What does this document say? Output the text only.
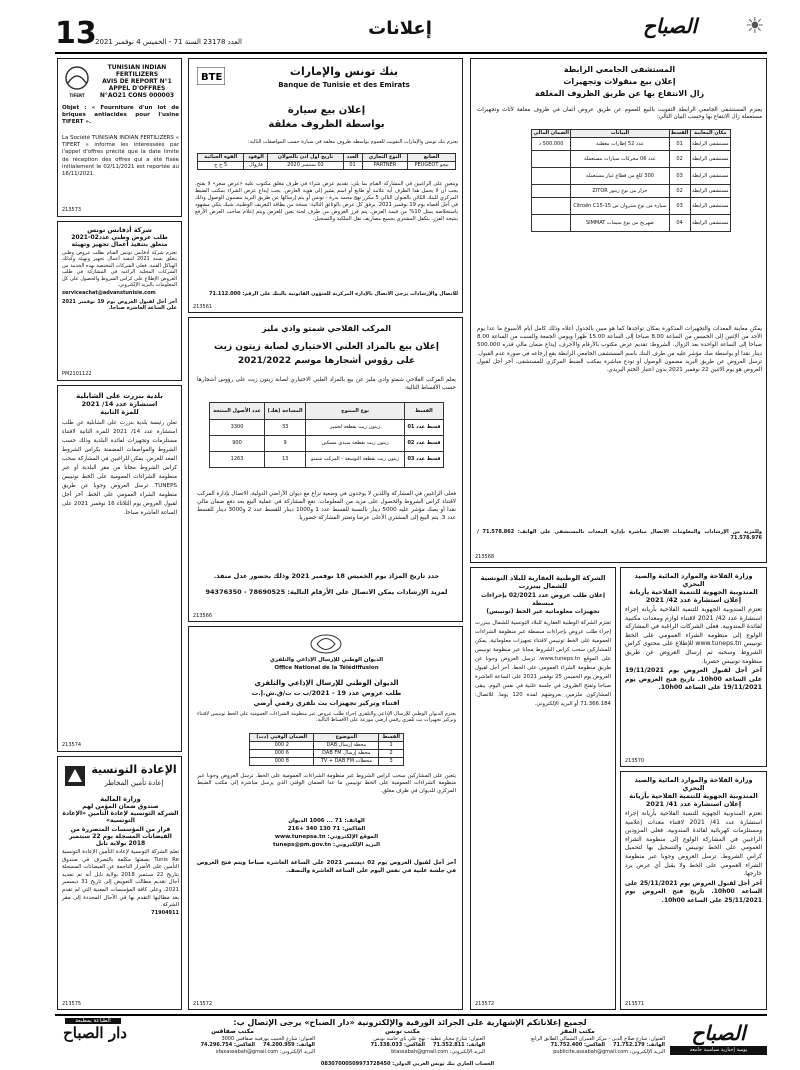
13
العدد 23178 السنة 71 - الخميس 4 نوفمبر 2021
إعلانات	الصباح	☀
TIFERT
TUNISIAN INDIAN
FERTILIZERS
AVIS DE REPORT N°1
APPEL D'OFFRES
N°AO21 CONS 000003
Objet : « Fourniture d'un lot de briques antiacides pour l'usine TIFERT ».
La Société TUNISIAN INDIAN FERTILIZERS « TIFERT » informe les intéressées par l'appel d'offres précité que la date limite de réception des offres qui a été fixée initialement le 02/11/2021 est reportée au 16/11/2021.
213573
شركة أدفانس تونس
طلب عروض وطني عدد02-2021
متعلق بتنفيذ أعمال تجهيز وتهيئة
تعتزم شركة أدفانس تونس القيام بطلب عروض وطني يتعلق بسنة 2021 لتنفيذ أعمال تجهيز وتهيئة وكذلك الهياكل الفنية. فعلى الشركات المختصة بهذه الخدمة من الشركات المحلية الراغبة في المشاركة في طلب العروض الإطلاع على كراس الشروط والحصول على كل المعلومات بالبريد الإلكتروني.
serviceachat@advanstunisie.com
آخر أجل لقبول العروض يوم 19 نوفمبر 2021 على الساعة العاشرة صباحا.
PM2101122
بلدية بنزرت على الشابلية
استشارة عدد 14/ 2021
للمرة الثانية
تعلن رئيسة بلدية بنزرت على الشابلية عن طلب استشارة عدد 14/ 2021 للمرة الثانية لاقتناء مستلزمات وتجهيزات لفائدة البلدية وذلك حسب الشروط والمواصفات المضمنة بكراس الشروط المعد للغرض. يمكن للراغبين في المشاركة سحب كراس الشروط مجانا من مقر البلدية أو عبر منظومة الشراءات العمومية على الخط تونيبس TUNEPS. ترسل العروض وجوبا عن طريق منظومة الشراء العمومي على الخط. آخر أجل لقبول العروض يوم الثلاثاء 16 نوفمبر 2021 على الساعة العاشرة صباحا.
213574
الإعادة التونسية
إعادة تأمين المخاطر
وزارة المالية
صندوق ضمان المؤمن لهم
الشركة التونسية لإعادة التأمين «الإعادة التونسية»
قرار من المؤسسات المتضررة من الفيضانات المسجلة يوم 22 سبتمبر 2018 بولاية نابل
تعلم الشركة التونسية لإعادة التأمين الإعادة التونسية Tunis Re بصفتها مكلفة بالتصرف في صندوق التأمين على الأضرار الناجمة عن الفيضانات المسجلة بتاريخ 22 سبتمبر 2018 بولاية نابل أنه تم تمديد آجال تقديم مطالب التعويض إلى تاريخ 31 ديسمبر 2021. وعلى كافة المؤسسات المعنية التي لم تقدم بعد مطالبها التقدم بها في الآجال المحددة إلى مقر الشركة.
71904911
213575
BTE	بنك تونس والإمارات
Banque de Tunisie et des Emirats
إعلان بيع سيارة
بواسطة الظروف مغلقة
يعتزم بنك تونس والإمارات التفويت للعموم بواسطة ظروف مغلقة في سيارة حسب المواصفات التالية:
الصانع	النوع التجاري	العدد	تاريخ أول أذن بالجولان	الوقود	القوة الجبائية
بيجو PEUGEOT	PARTNER	01	02 سبتمبر 2020	قازوال	5 خ ج
ويتعين على الراغبين في المشاركة القيام بما يلي: تقديم عرض شراء في ظرف مغلق مكتوب عليه «عرض سعر» لا يفتح. يجب أن لا يحمل هذا الظرف أية علامة أو طابع أو اسم يشير إلى هوية العارض. يجب إيداع عرض الشراء بمكتب الضبط المركزي للبنك الكائن بالعنوان التالي 5 مكرر نهج محمد بدرة - تونس أو يتم إرسالها عن طريق البريد مضمون الوصول وذلك في أجل أقصاه يوم 19 نوفمبر 2021. يرفق كل عرض بالوثائق التالية: نسخة من بطاقة التعريف الوطنية، شيك بنكي مشهود باستخلاصه يمثل 10% من قيمة العرض. يتم فرز العروض من طرف لجنة تعين للغرض ويتم إعلام صاحب العرض الأرفع بنتيجة الفرز. يتكفل المشتري بجميع مصاريف نقل الملكية والتسجيل.
للاتصال والإرشادات يرجى الاتصال بالإدارة المركزية للشؤون القانونية بالبنك على الرقم: 71.112.000
213561
المركب الفلاحي شمتو وادي مليز
إعلان بيع بالمزاد العلني الاختياري لصابة زيتون زيت
على رؤوس أشجارها موسم 2021/2022
يعلم المركب الفلاحي شمتو وادي مليز عن بيع بالمزاد العلني الاختياري لصابة زيتون زيت على رؤوس أشجارها حسب الأقساط التالية:
القسط	نوع المنتوج	المساحة (هك)	عدد الأصول المنتجة
قسط عدد 01	زيتون زيت بقطعة لخمير	33	3300
قسط عدد 02	زيتون زيت بقطعة سيدي مسكين	9	900
قسط عدد 03	زيتون زيت بقطعة التوسعة - المركب شمتو	13	1263
فعلى الراغبين في المشاركة واللذين لا يوجدون في وضعية نزاع مع ديوان الأراضي الدولية، الاتصال بإدارة المركب لاقتناء كراس الشروط والحصول على مزيد من المعلومات. تقع المشاركة في عملية البيع بعد دفع ضمان مالي نقدا أو بصك مؤشر عليه 5000 دينار بالنسبة للقسط عدد 1 و1000 دينار للقسط عدد 2 و3000 دينار للقسط عدد 3. يتم البيع إلى المشتري الأعلى عرضا وتعتبر المشاركة حضوريا.
حدد تاريخ المزاد يوم الخميس 18 نوفمبر 2021 وذلك بحضور عدل منفذ.
لمزيد الإرشادات يمكن الاتصال على الأرقام التالية: 78690525 - 94376350
213566
الديوان الوطني للإرسال الإذاعي والتلفزي
Office National de la Télédiffusion
الديوان الوطني للإرسال الإذاعي والتلفزي
طلب عروض عدد 19 - 2021/ب ت ت/ق.ش.إ.ت
اقتناء وتركيز تجهيزات بث تلفزي رقمي أرضي
يعتزم الديوان الوطني للإرسال الإذاعي والتلفزي إجراء طلب عروض عبر منظومة الشراءات العمومية على الخط تونيبس لاقتناء وتركيز تجهيزات بث تلفزي رقمي أرضي موزعة على الأقساط التالية:
القسط	الموضوع	الضمان الوقتي (دت)
1	محطة إرسال DAB	2 000
2	محطة إرسال DAB FM	6 000
3	محطات TV + DAB FM	8 000
يتعين على المشاركين سحب كراس الشروط عبر منظومة الشراءات العمومية على الخط. ترسل العروض وجوبا عبر منظومة الشراءات العمومية على الخط تونيبس ما عدا الضمان الوقتي الذي يرسل مباشرة إلى مكتب الضبط المركزي للديوان في ظرف مغلق.
الهاتف: 71 ... 1006 الديوان
الفاكس: 71 130 340 +216
الموقع الإلكتروني: www.tunepsa.tn
البريد الإلكتروني: tuneps@pm.gov.tn
آخر أجل لقبول العروض يوم 02 ديسمبر 2021 على الساعة العاشرة صباحا ويتم فتح العروض في جلسة علنية في نفس اليوم على الساعة العاشرة والنصف.
213572
المستشفى الجامعي الرابطة
إعلان بيع منقولات وتجهيزات
زال الانتفاع بها عن طريق الظروف المغلقة
يعتزم المستشفى الجامعي الرابطة التفويت بالبيع للعموم عن طريق عروض أثمان في ظروف مغلقة لأثاث وتجهيزات مستعملة زال الانتفاع بها وحسب البيان التالي:
مكان المعاينة	القسط	البيانات	الضمان المالي
مستشفى الرابطة	01	عدد 52 إطارات معطبة	500.000 د
مستشفى الرابطة	02	عدد 06 محركات سيارات مستعملة	
مستشفى الرابطة	03	300 كلغ من قطاع غيار مستعملة	
مستشفى الرابطة	02	جرار من نوع زيتور ZITOR	
مستشفى الرابطة	03	سيارة من نوع ستروان س Citroën C15-15	
مستشفى الرابطة	04	صهريج من نوع سيمات SIMMAT	
يمكن معاينة المعدات والتجهيزات المذكورة بمكان تواجدها كما هو مبين بالجدول أعلاه وذلك كامل أيام الأسبوع ما عدا يوم الأحد من الإثنين إلى الخميس من الساعة 8.00 صباحا إلى الساعة 15.00 ظهرا ويومي الجمعة والسبت من الساعة 8.00 صباحا إلى الساعة الواحدة بعد الزوال. الشروط: تقديم عرض مكتوب بالأرقام والأحرف، إيداع ضمان مالي قدره 500.000 دينار نقدا أو بواسطة صك مؤشر عليه من طرف البنك باسم المستشفى الجامعي الرابطة يقع إرجاعه في صورة عدم القبول. ترسل العروض عن طريق البريد مضمون الوصول أو تودع مباشرة بمكتب الضبط المركزي للمستشفى. آخر أجل لقبول العروض هو يوم الاثنين 22 نوفمبر 2021 بدون اعتبار الختم البريدي.
وللمزيد من الإرشادات والمعلومات الاتصال مباشرة بإدارة المعدات بالمستشفى على الهاتف: 71.578.862 / 71.578.976
213568
الشركة الوطنية العقارية للبلاد التونسية للشمال ببنزرت
إعلان طلب عروض عدد 02/2021 بإجراءات مبسطة
تجهيزات معلوماتية عبر الخط (تونيبس)
تعتزم الشركة الوطنية العقارية للبلاد التونسية للشمال ببنزرت إجراء طلب عروض بإجراءات مبسطة عبر منظومة الشراءات العمومية على الخط تونيبس لاقتناء تجهيزات معلوماتية. يمكن للمشاركين سحب كراس الشروط مجانا عبر منظومة تونيبس على الموقع www.tuneps.tn. ترسل العروض وجوبا عن طريق منظومة الشراء العمومي على الخط. آخر أجل لقبول العروض يوم الخميس 25 نوفمبر 2021 على الساعة العاشرة صباحا وتفتح الظروف في جلسة علنية في نفس اليوم. يبقى المشاركون ملزمين بعروضهم لمدة 120 يوما. للاتصال: 71.366.184 أو البريد الإلكتروني.
213572
وزارة الفلاحة والموارد المائية والصيد البحري
المندوبية الجهوية للتنمية الفلاحية بأريانة
إعلان استشارة عدد 42/ 2021
تعتزم المندوبية الجهوية للتنمية الفلاحية بأريانة إجراء استشارة عدد 42/ 2021 لاقتناء لوازم ومعدات مكتبية لفائدة المندوبية. فعلى الشركات الراغبة في المشاركة الولوج إلى منظومة الشراء العمومي على الخط تونيبس www.tuneps.tn للإطلاع على محتوى كراس الشروط وسحبه ثم إرسال العروض عن طريق منظومة تونيبس حصريا.
آخر أجل لقبول العروض يوم 19/11/2021 على الساعة 10h00. تاريخ فتح العروض يوم 19/11/2021 على الساعة 10h00.
213570
وزارة الفلاحة والموارد المائية والصيد البحري
المندوبية الجهوية للتنمية الفلاحية بأريانة
إعلان استشارة عدد 41/ 2021
تعتزم المندوبية الجهوية للتنمية الفلاحية بأريانة إجراء استشارة عدد 41/ 2021 لاقتناء معدات إعلامية ومستلزمات كهربائية لفائدة المندوبية. فعلى المزودين الراغبين في المشاركة الولوج إلى منظومة الشراء العمومي على الخط تونيبس والتسجيل بها لتحميل كراس الشروط. ترسل العروض وجوبا عبر منظومة الشراء العمومي على الخط ولا يقبل أي عرض يرد خارجها.
آخر أجل لقبول العروض يوم 25/11/2021 على الساعة 10h00. تاريخ فتح العروض يوم 25/11/2021 على الساعة 10h00.
213571
لجميع إعلاناتكم الإشهارية على الجرائد الورقية والإلكترونية «دار الصباح» يرجى الإتصال ب:
الطباعة بمطبعة
دار الصباح	مكتب صفاقس
العنوان: شارع الحبيب بورقيبة صفاقس 3000
الهاتف: 74.200.959
الفاكس: 74.296.754
البريد الإلكتروني: sfaxassabah@gmail.com
مكتب تونس
العنوان: شارع مختار عطية - نهج علي باي حامبة تونس
الهاتف: 71.352.811
الفاكس: 71.338.033
البريد الإلكتروني: btassabah@gmail.com
مكتب المقر
العنوان: شارع صلاح الدين - مركز العمران الشمالي الطابق الرابع
الهاتف: 71.752.179
الفاكس: 71.752.400
البريد الإلكتروني: publicite.assabah@gmail.com
الحساب الجاري بنك تونس العربي الدولي: 08307000509973728450
الصباح
يومية إخبارية سياسية جامعة
